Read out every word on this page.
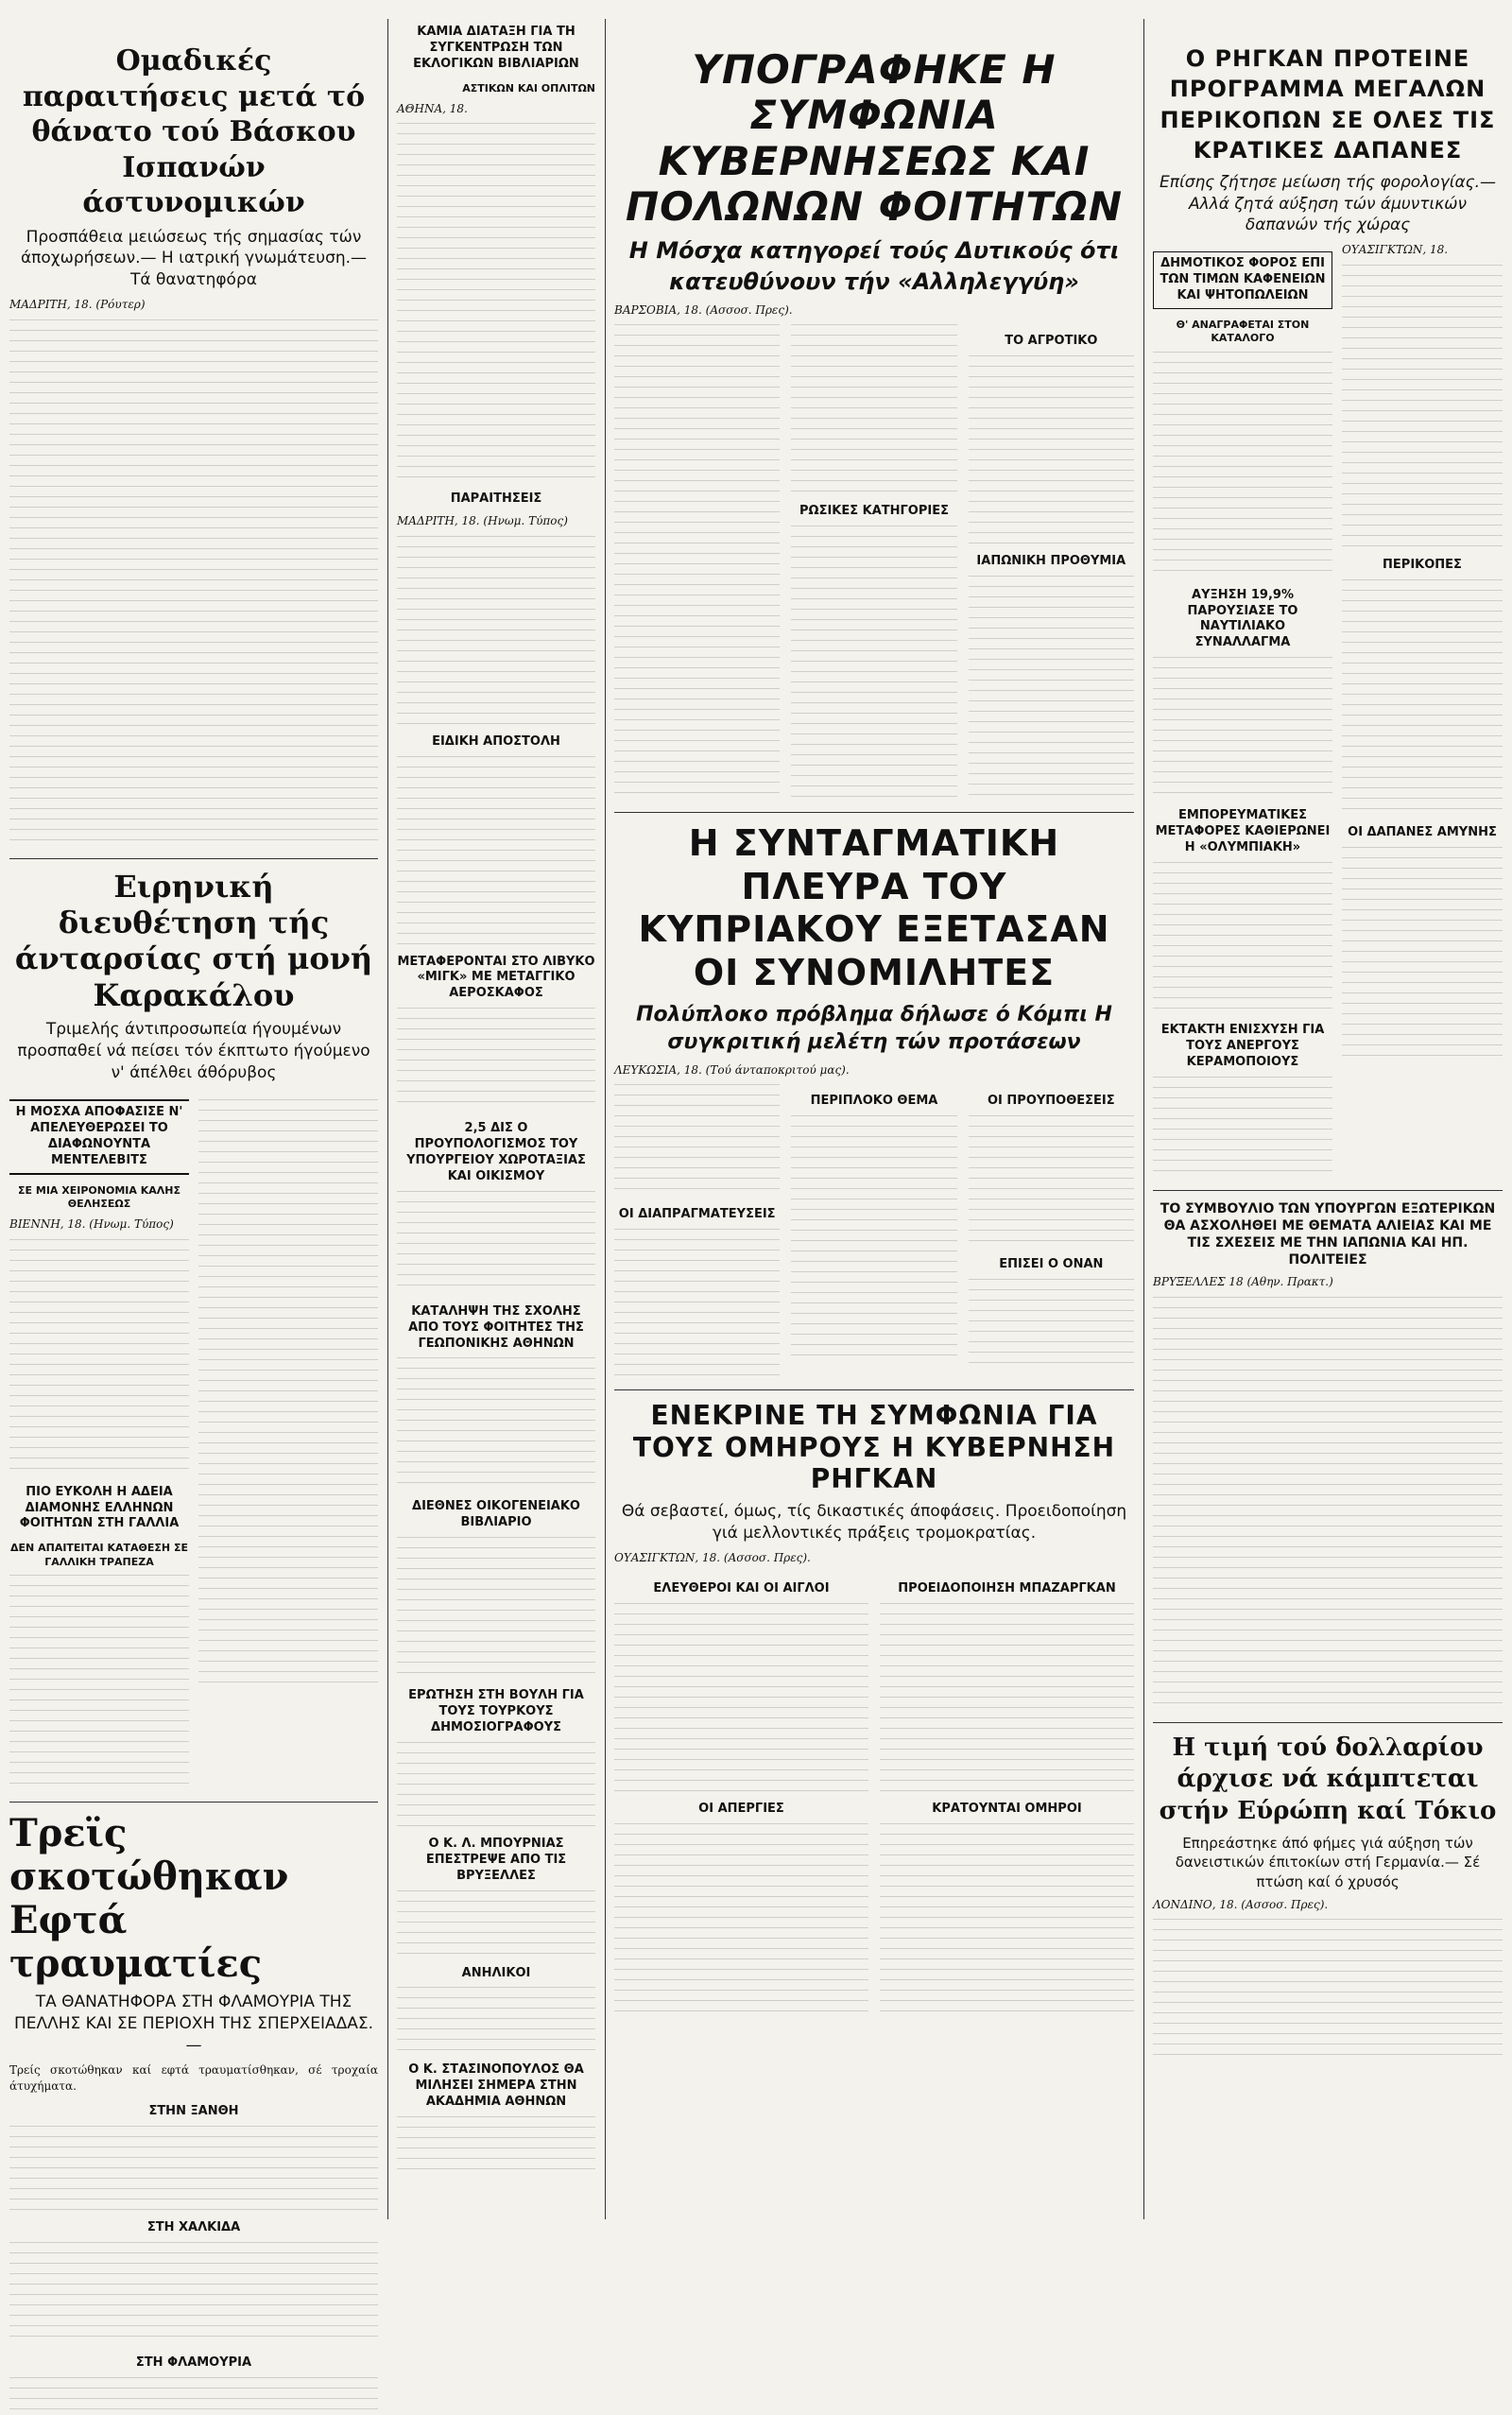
Ομαδικές παραιτήσεις μετά τό θάνατο τού Βάσκου Ισπανών άστυνομικών
Προσπάθεια μειώσεως τής σημασίας τών άποχωρήσεων.— Η ιατρική γνωμάτευση.— Τά θανατηφόρα

ΜΑΔΡΙΤΗ, 18. (Ρόυτερ)

Ειρηνική διευθέτηση τής άνταρσίας στή μονή Καρακάλου
Τριμελής άντιπροσωπεία ήγουμένων προσπαθεί νά πείσει τόν έκπτωτο ήγούμενο ν' άπέλθει άθόρυβος
Η ΜΟΣΧΑ ΑΠΟΦΑΣΙΣΕ Ν' ΑΠΕΛΕΥΘΕΡΩΣΕΙ ΤΟ ΔΙΑΦΩΝΟΥΝΤΑ ΜΕΝΤΕΛΕΒΙΤΣ
ΣΕ ΜΙΑ ΧΕΙΡΟΝΟΜΙΑ ΚΑΛΗΣ ΘΕΛΗΣΕΩΣ

ΒΙΕΝΝΗ, 18. (Ηνωμ. Τύπος)

ΠΙΟ ΕΥΚΟΛΗ Η ΑΔΕΙΑ ΔΙΑΜΟΝΗΣ ΕΛΛΗΝΩΝ ΦΟΙΤΗΤΩΝ ΣΤΗ ΓΑΛΛΙΑ
ΔΕΝ ΑΠΑΙΤΕΙΤΑΙ ΚΑΤΑΘΕΣΗ ΣΕ ΓΑΛΛΙΚΗ ΤΡΑΠΕΖΑ
Τρεϊς σκοτώθηκαν Εφτά τραυματίες
ΤΑ ΘΑΝΑΤΗΦΟΡΑ ΣΤΗ ΦΛΑΜΟΥΡΙΑ ΤΗΣ ΠΕΛΛΗΣ ΚΑΙ ΣΕ ΠΕΡΙΟΧΗ ΤΗΣ ΣΠΕΡΧΕΙΑΔΑΣ.—

Τρείς σκοτώθηκαν καί εφτά τραυματίσθηκαν, σέ τροχαία άτυχήματα.

ΣΤΗΝ ΞΑΝΘΗ
ΣΤΗ ΧΑΛΚΙΔΑ
ΣΤΗ ΦΛΑΜΟΥΡΙΑ
ΚΑΜΙΑ ΔΙΑΤΑΞΗ ΓΙΑ ΤΗ ΣΥΓΚΕΝΤΡΩΣΗ ΤΩΝ ΕΚΛΟΓΙΚΩΝ ΒΙΒΛΙΑΡΙΩΝ
ΑΣΤΙΚΩΝ ΚΑΙ ΟΠΛΙΤΩΝ

ΑΘΗΝΑ, 18.

ΠΑΡΑΙΤΗΣΕΙΣ

ΜΑΔΡΙΤΗ, 18. (Ηνωμ. Τύπος)

ΕΙΔΙΚΗ ΑΠΟΣΤΟΛΗ
ΜΕΤΑΦΕΡΟΝΤΑΙ ΣΤΟ ΛΙΒΥΚΟ «ΜΙΓΚ» ΜΕ ΜΕΤΑΓΓΙΚΟ ΑΕΡΟΣΚΑΦΟΣ
2,5 ΔΙΣ Ο ΠΡΟΥΠΟΛΟΓΙΣΜΟΣ ΤΟΥ ΥΠΟΥΡΓΕΙΟΥ ΧΩΡΟΤΑΞΙΑΣ ΚΑΙ ΟΙΚΙΣΜΟΥ
ΚΑΤΑΛΗΨΗ ΤΗΣ ΣΧΟΛΗΣ ΑΠΟ ΤΟΥΣ ΦΟΙΤΗΤΕΣ ΤΗΣ ΓΕΩΠΟΝΙΚΗΣ ΑΘΗΝΩΝ
ΔΙΕΘΝΕΣ ΟΙΚΟΓΕΝΕΙΑΚΟ ΒΙΒΛΙΑΡΙΟ
ΕΡΩΤΗΣΗ ΣΤΗ ΒΟΥΛΗ ΓΙΑ ΤΟΥΣ ΤΟΥΡΚΟΥΣ ΔΗΜΟΣΙΟΓΡΑΦΟΥΣ
Ο Κ. Λ. ΜΠΟΥΡΝΙΑΣ ΕΠΕΣΤΡΕΨΕ ΑΠΟ ΤΙΣ ΒΡΥΞΕΛΛΕΣ
ΑΝΗΛΙΚΟΙ
Ο Κ. ΣΤΑΣΙΝΟΠΟΥΛΟΣ ΘΑ ΜΙΛΗΣΕΙ ΣΗΜΕΡΑ ΣΤΗΝ ΑΚΑΔΗΜΙΑ ΑΘΗΝΩΝ
ΥΠΟΓΡΑΦΗΚΕ Η ΣΥΜΦΩΝΙΑ ΚΥΒΕΡΝΗΣΕΩΣ ΚΑΙ ΠΟΛΩΝΩΝ ΦΟΙΤΗΤΩΝ
Η Μόσχα κατηγορεί τούς Δυτικούς ότι κατευθύνουν τήν «Αλληλεγγύη»

ΒΑΡΣΟΒΙΑ, 18. (Ασσοσ. Πρες).

ΡΩΣΙΚΕΣ ΚΑΤΗΓΟΡΙΕΣ
ΤΟ ΑΓΡΟΤΙΚΟ
ΙΑΠΩΝΙΚΗ ΠΡΟΘΥΜΙΑ
Η ΣΥΝΤΑΓΜΑΤΙΚΗ ΠΛΕΥΡΑ ΤΟΥ ΚΥΠΡΙΑΚΟΥ ΕΞΕΤΑΣΑΝ ΟΙ ΣΥΝΟΜΙΛΗΤΕΣ
Πολύπλοκο πρόβλημα δήλωσε ό Κόμπι Η συγκριτική μελέτη τών προτάσεων

ΛΕΥΚΩΣΙΑ, 18. (Τού άνταποκριτού μας).

ΟΙ ΔΙΑΠΡΑΓΜΑΤΕΥΣΕΙΣ
ΠΕΡΙΠΛΟΚΟ ΘΕΜΑ	ΟΙ ΠΡΟΥΠΟΘΕΣΕΙΣ
ΕΠΙΣΕΙ Ο ΟΝΑΝ
ΕΝΕΚΡΙΝΕ ΤΗ ΣΥΜΦΩΝΙΑ ΓΙΑ ΤΟΥΣ ΟΜΗΡΟΥΣ Η ΚΥΒΕΡΝΗΣΗ ΡΗΓΚΑΝ
Θά σεβαστεί, όμως, τίς δικαστικές άποφάσεις. Προειδοποίηση γιά μελλοντικές πράξεις τρομοκρατίας.

ΟΥΑΣΙΓΚΤΩΝ, 18. (Ασσοσ. Πρες).

ΕΛΕΥΘΕΡΟΙ ΚΑΙ ΟΙ ΑΙΓΛΟΙ
ΟΙ ΑΠΕΡΓΙΕΣ
ΠΡΟΕΙΔΟΠΟΙΗΣΗ ΜΠΑΖΑΡΓΚΑΝ
ΚΡΑΤΟΥΝΤΑΙ ΟΜΗΡΟΙ
Ο ΡΗΓΚΑΝ ΠΡΟΤΕΙΝΕ ΠΡΟΓΡΑΜΜΑ ΜΕΓΑΛΩΝ ΠΕΡΙΚΟΠΩΝ ΣΕ ΟΛΕΣ ΤΙΣ ΚΡΑΤΙΚΕΣ ΔΑΠΑΝΕΣ
Επίσης ζήτησε μείωση τής φορολογίας.— Αλλά ζητά αύξηση τών άμυντικών δαπανών τής χώρας
ΔΗΜΟΤΙΚΟΣ ΦΟΡΟΣ ΕΠΙ ΤΩΝ ΤΙΜΩΝ ΚΑΦΕΝΕΙΩΝ ΚΑΙ ΨΗΤΟΠΩΛΕΙΩΝ
Θ' ΑΝΑΓΡΑΦΕΤΑΙ ΣΤΟΝ ΚΑΤΑΛΟΓΟ
ΑΥΞΗΣΗ 19,9% ΠΑΡΟΥΣΙΑΣΕ ΤΟ ΝΑΥΤΙΛΙΑΚΟ ΣΥΝΑΛΛΑΓΜΑ
ΕΜΠΟΡΕΥΜΑΤΙΚΕΣ ΜΕΤΑΦΟΡΕΣ ΚΑΘΙΕΡΩΝΕΙ Η «ΟΛΥΜΠΙΑΚΗ»
ΕΚΤΑΚΤΗ ΕΝΙΣΧΥΣΗ ΓΙΑ ΤΟΥΣ ΑΝΕΡΓΟΥΣ ΚΕΡΑΜΟΠΟΙΟΥΣ

ΟΥΑΣΙΓΚΤΩΝ, 18.

ΠΕΡΙΚΟΠΕΣ
ΟΙ ΔΑΠΑΝΕΣ ΑΜΥΝΗΣ
ΤΟ ΣΥΜΒΟΥΛΙΟ ΤΩΝ ΥΠΟΥΡΓΩΝ ΕΞΩΤΕΡΙΚΩΝ ΘΑ ΑΣΧΟΛΗΘΕΙ ΜΕ ΘΕΜΑΤΑ ΑΛΙΕΙΑΣ ΚΑΙ ΜΕ ΤΙΣ ΣΧΕΣΕΙΣ ΜΕ ΤΗΝ ΙΑΠΩΝΙΑ ΚΑΙ ΗΠ. ΠΟΛΙΤΕΙΕΣ

ΒΡΥΞΕΛΛΕΣ 18 (Αθην. Πρακτ.)

Η τιμή τού δολλαρίου άρχισε νά κάμπτεται στήν Εύρώπη καί Τόκιο
Επηρεάστηκε άπό φήμες γιά αύξηση τών δανειστικών έπιτοκίων στή Γερμανία.— Σέ πτώση καί ό χρυσός

ΛΟΝΔΙΝΟ, 18. (Ασσοσ. Πρες).
